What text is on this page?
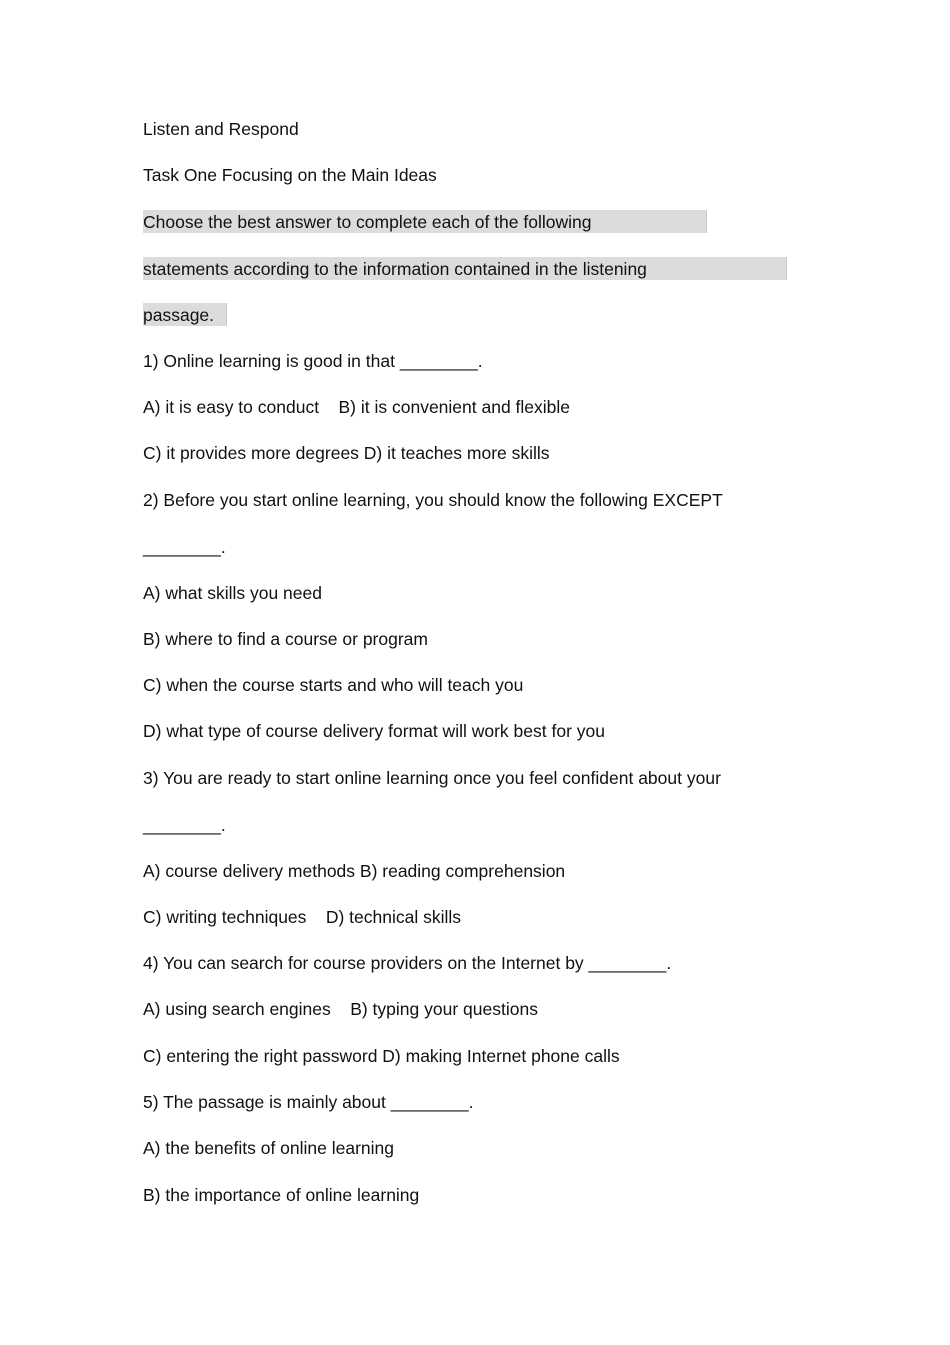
Listen and Respond
Task One Focusing on the Main Ideas
Choose the best answer to complete each of the following
statements according to the information contained in the listening
passage.
1) Online learning is good in that ________.
A) it is easy to conduct    B) it is convenient and flexible
C) it provides more degrees D) it teaches more skills
2) Before you start online learning, you should know the following EXCEPT
________.
A) what skills you need
B) where to find a course or program
C) when the course starts and who will teach you
D) what type of course delivery format will work best for you
3) You are ready to start online learning once you feel confident about your
________.
A) course delivery methods B) reading comprehension
C) writing techniques    D) technical skills
4) You can search for course providers on the Internet by ________.
A) using search engines    B) typing your questions
C) entering the right password D) making Internet phone calls
5) The passage is mainly about ________.
A) the benefits of online learning
B) the importance of online learning
